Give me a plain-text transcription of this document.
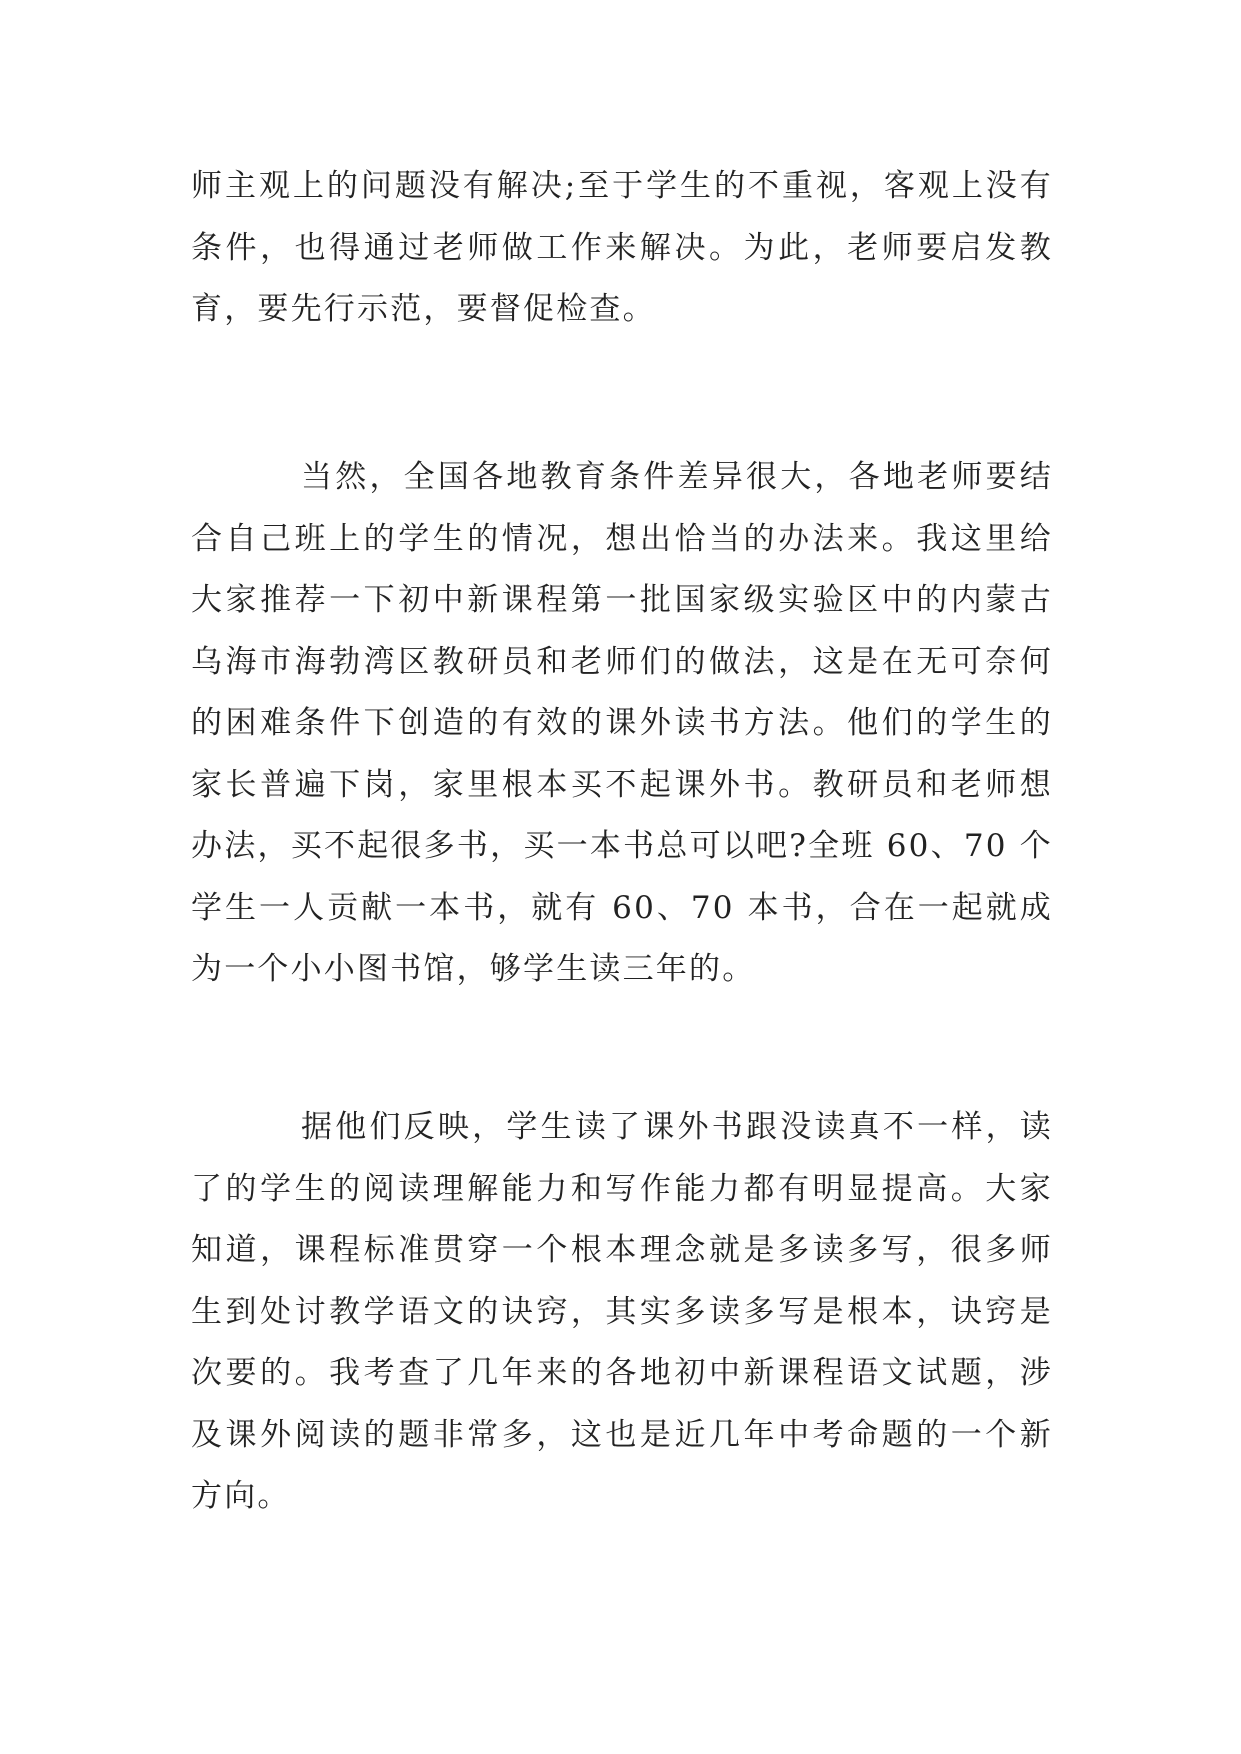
师主观上的问题没有解决;至于学生的不重视，客观上没有条件，也得通过老师做工作来解决。为此，老师要启发教育，要先行示范，要督促检查。

当然，全国各地教育条件差异很大，各地老师要结合自己班上的学生的情况，想出恰当的办法来。我这里给大家推荐一下初中新课程第一批国家级实验区中的内蒙古乌海市海勃湾区教研员和老师们的做法，这是在无可奈何的困难条件下创造的有效的课外读书方法。他们的学生的家长普遍下岗，家里根本买不起课外书。教研员和老师想办法，买不起很多书，买一本书总可以吧?全班 60、70 个学生一人贡献一本书，就有 60、70 本书，合在一起就成为一个小小图书馆，够学生读三年的。

据他们反映，学生读了课外书跟没读真不一样，读了的学生的阅读理解能力和写作能力都有明显提高。大家知道，课程标准贯穿一个根本理念就是多读多写，很多师生到处讨教学语文的诀窍，其实多读多写是根本，诀窍是次要的。我考查了几年来的各地初中新课程语文试题，涉及课外阅读的题非常多，这也是近几年中考命题的一个新方向。
